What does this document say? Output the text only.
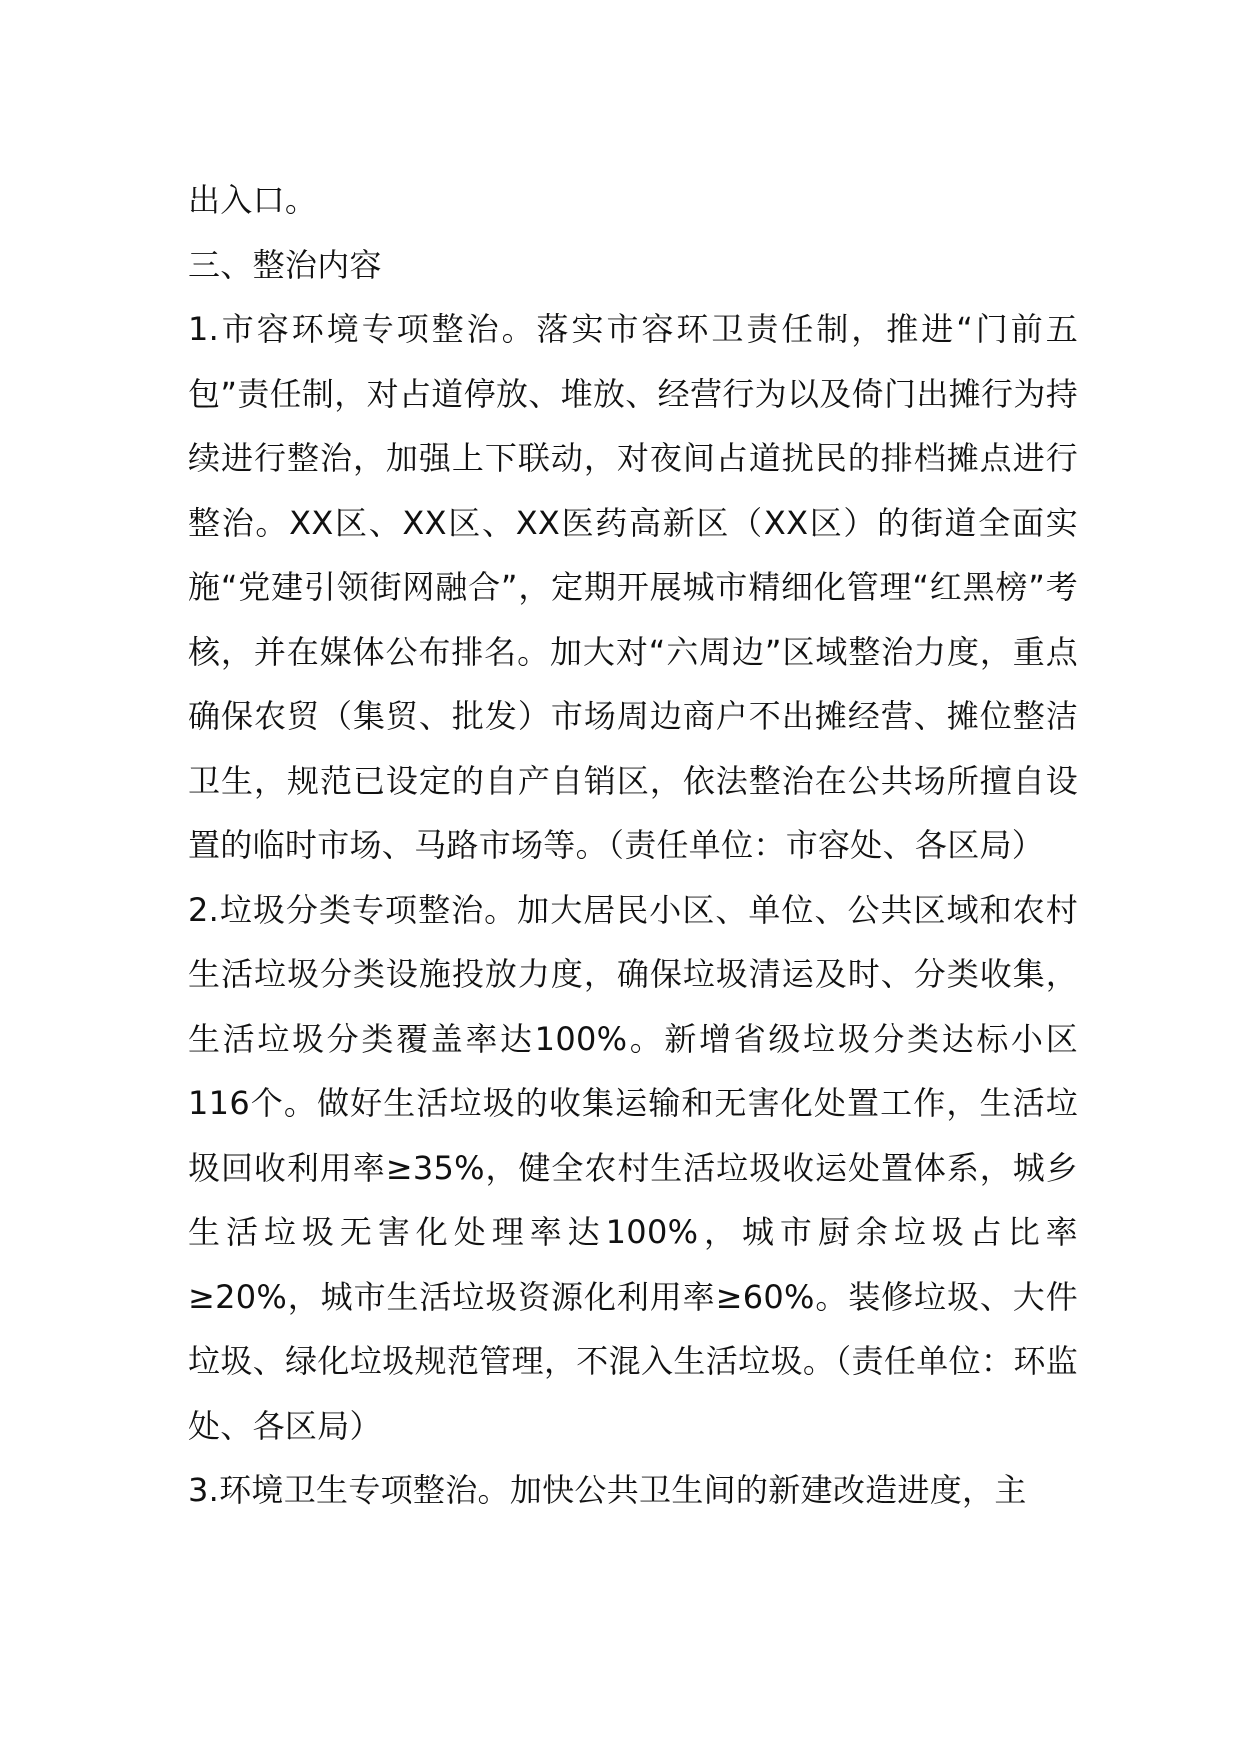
出入口。

三、整治内容

1.市容环境专项整治。落实市容环卫责任制，推进“门前五包”责任制，对占道停放、堆放、经营行为以及倚门出摊行为持续进行整治，加强上下联动，对夜间占道扰民的排档摊点进行整治。XX区、XX区、XX医药高新区（XX区）的街道全面实施“党建引领街网融合”，定期开展城市精细化管理“红黑榜”考核，并在媒体公布排名。加大对“六周边”区域整治力度，重点确保农贸（集贸、批发）市场周边商户不出摊经营、摊位整洁卫生，规范已设定的自产自销区，依法整治在公共场所擅自设置的临时市场、马路市场等。（责任单位：市容处、各区局）

2.垃圾分类专项整治。加大居民小区、单位、公共区域和农村生活垃圾分类设施投放力度，确保垃圾清运及时、分类收集，生活垃圾分类覆盖率达100%。新增省级垃圾分类达标小区116个。做好生活垃圾的收集运输和无害化处置工作，生活垃圾回收利用率≥35%，健全农村生活垃圾收运处置体系，城乡生活垃圾无害化处理率达100%，城市厨余垃圾占比率≥20%，城市生活垃圾资源化利用率≥60%。装修垃圾、大件垃圾、绿化垃圾规范管理，不混入生活垃圾。（责任单位：环监处、各区局）

3.环境卫生专项整治。加快公共卫生间的新建改造进度，主
